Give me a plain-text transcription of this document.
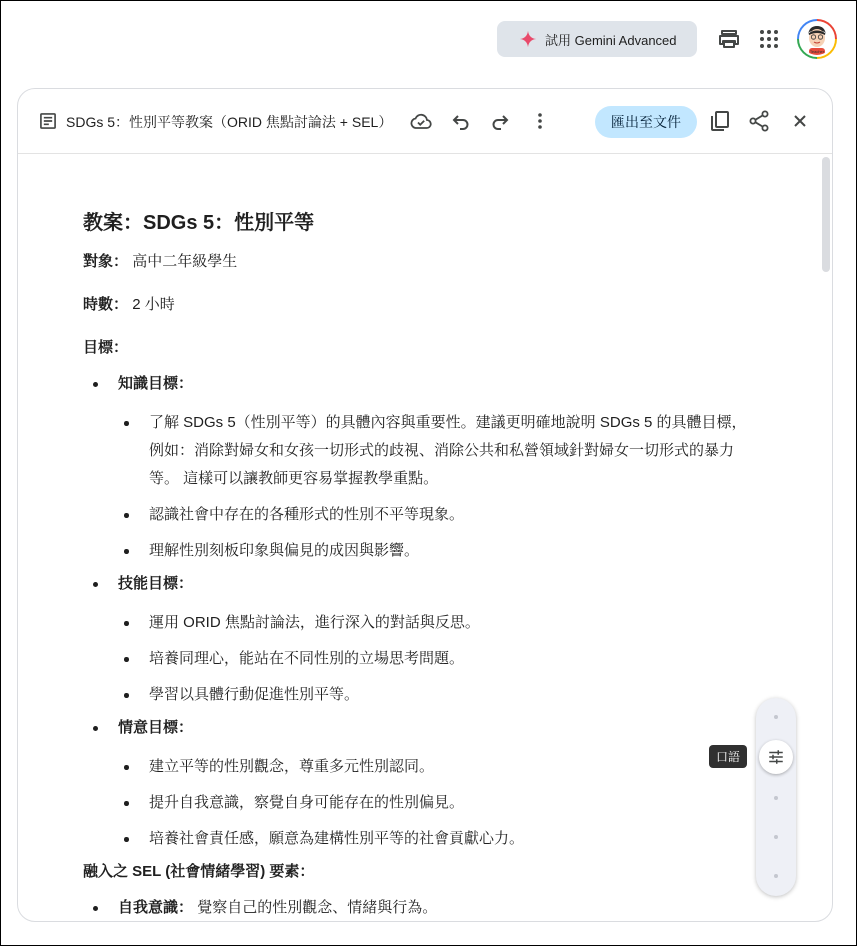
試用 Gemini Advanced
Teacher
SDGs 5：性別平等教案（ORID 焦點討論法 + SEL）	匯出至文件
教案：SDGs 5：性別平等

對象： 高中二年級學生

時數： 2 小時

目標：

知識目標：
了解 SDGs 5（性別平等）的具體內容與重要性。建議更明確地說明 SDGs 5 的具體目標，例如：消除對婦女和女孩一切形式的歧視、消除公共和私營領域針對婦女一切形式的暴力等。 這樣可以讓教師更容易掌握教學重點。
認識社會中存在的各種形式的性別不平等現象。
理解性別刻板印象與偏見的成因與影響。
技能目標：
運用 ORID 焦點討論法，進行深入的對話與反思。
培養同理心，能站在不同性別的立場思考問題。
學習以具體行動促進性別平等。
情意目標：
建立平等的性別觀念，尊重多元性別認同。
提升自我意識，察覺自身可能存在的性別偏見。
培養社會責任感，願意為建構性別平等的社會貢獻心力。

融入之 SEL (社會情緒學習) 要素：

自我意識： 覺察自己的性別觀念、情緒與行為。
口語
